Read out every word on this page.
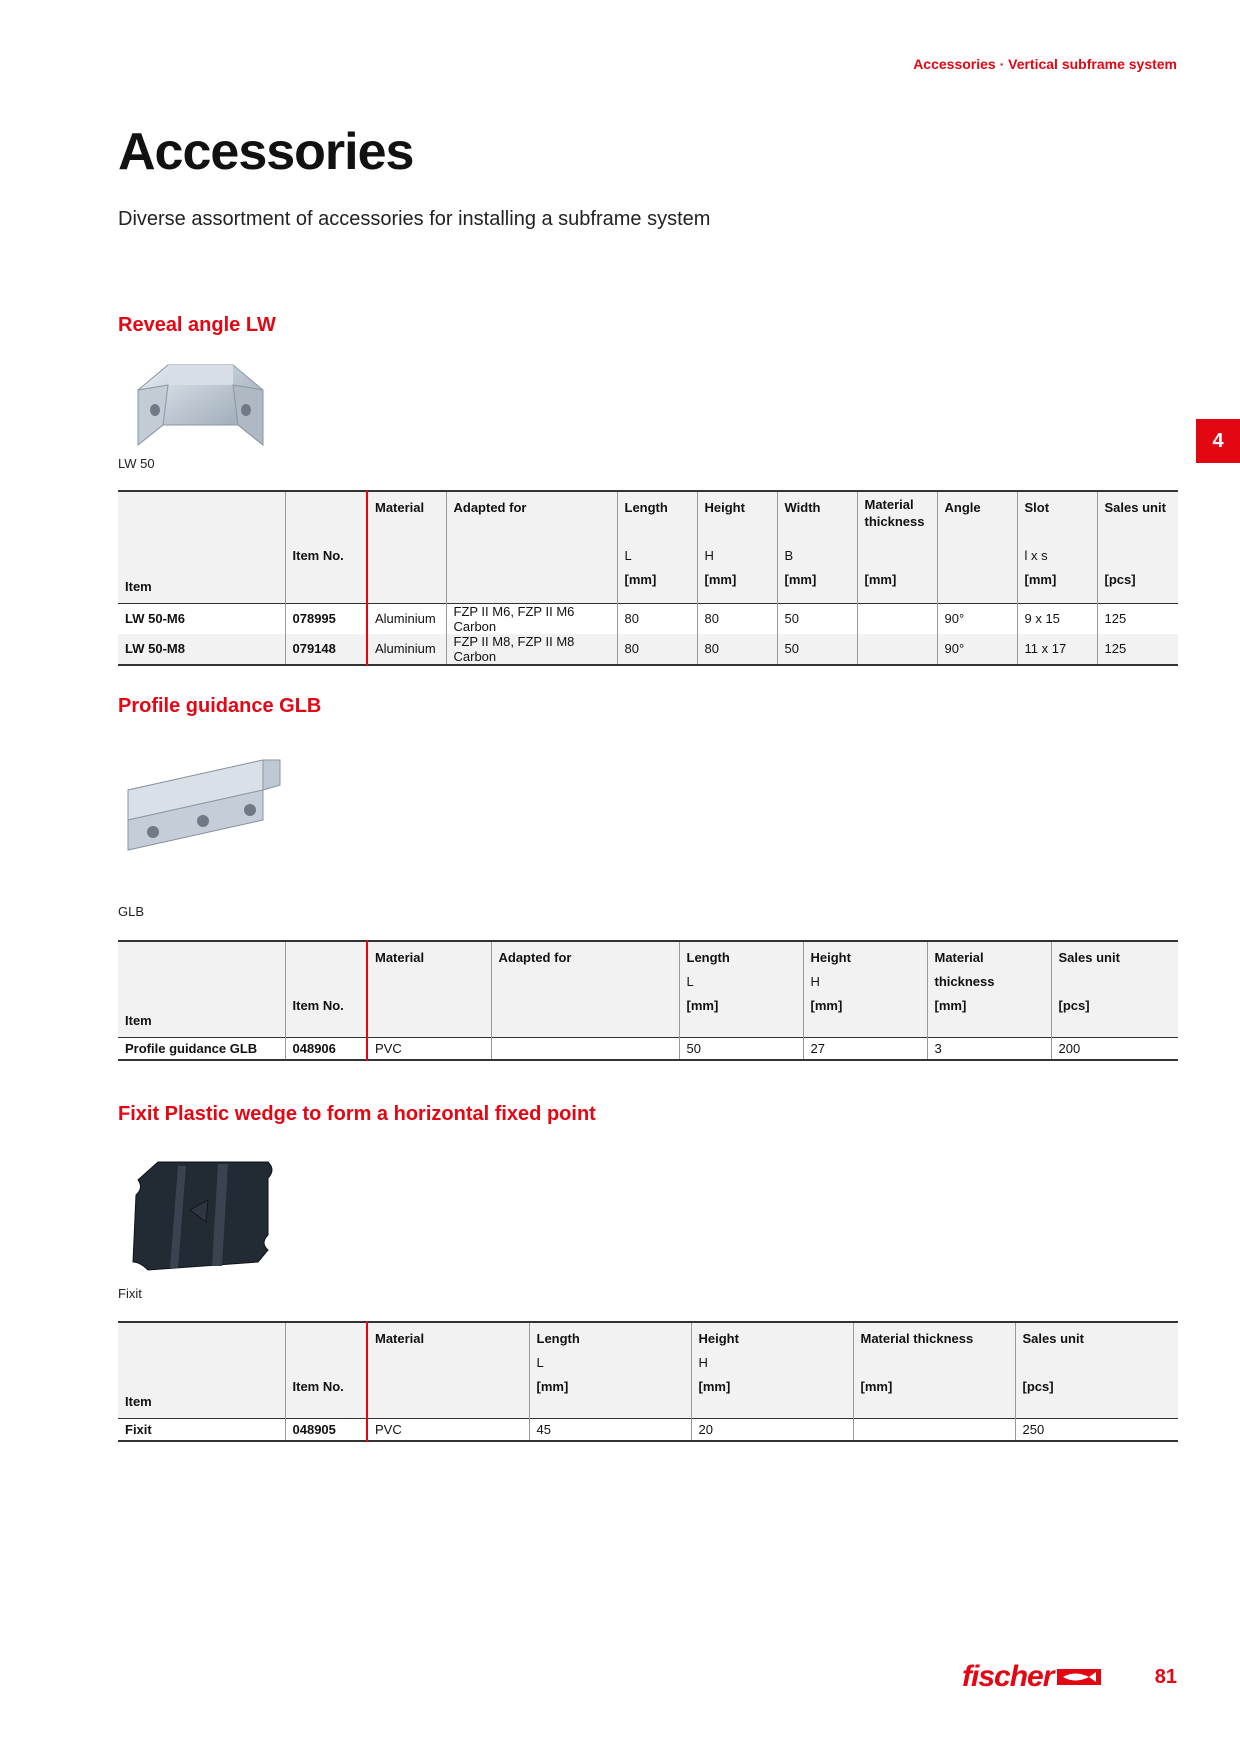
Accessories · Vertical subframe system
Accessories

Diverse assortment of accessories for installing a subframe system

4
Reveal angle LW
LW 50
Item	Item No.	Material	Adapted for	Length
L
[mm]	Height
H
[mm]	Width
B
[mm]	Material thickness
[mm]	Angle	Slot
l x s
[mm]	Sales unit
[pcs]

LW 50-M6	078995	Aluminium	FZP II M6, FZP II M6 Carbon	80	80	50		90°	9 x 15	125
LW 50-M8	079148	Aluminium	FZP II M8, FZP II M8 Carbon	80	80	50		90°	11 x 17	125
Profile guidance GLB
GLB
Item	Item No.	Material	Adapted for	Length
L
[mm]	Height
H
[mm]	Material thickness
[mm]	Sales unit
[pcs]

Profile guidance GLB	048906	PVC		50	27	3	200
Fixit Plastic wedge to form a horizontal fixed point
Fixit
Item	Item No.	Material	Length
L
[mm]	Height
H
[mm]	Material thickness
[mm]	Sales unit
[pcs]

Fixit	048905	PVC	45	20		250
fischer	81
